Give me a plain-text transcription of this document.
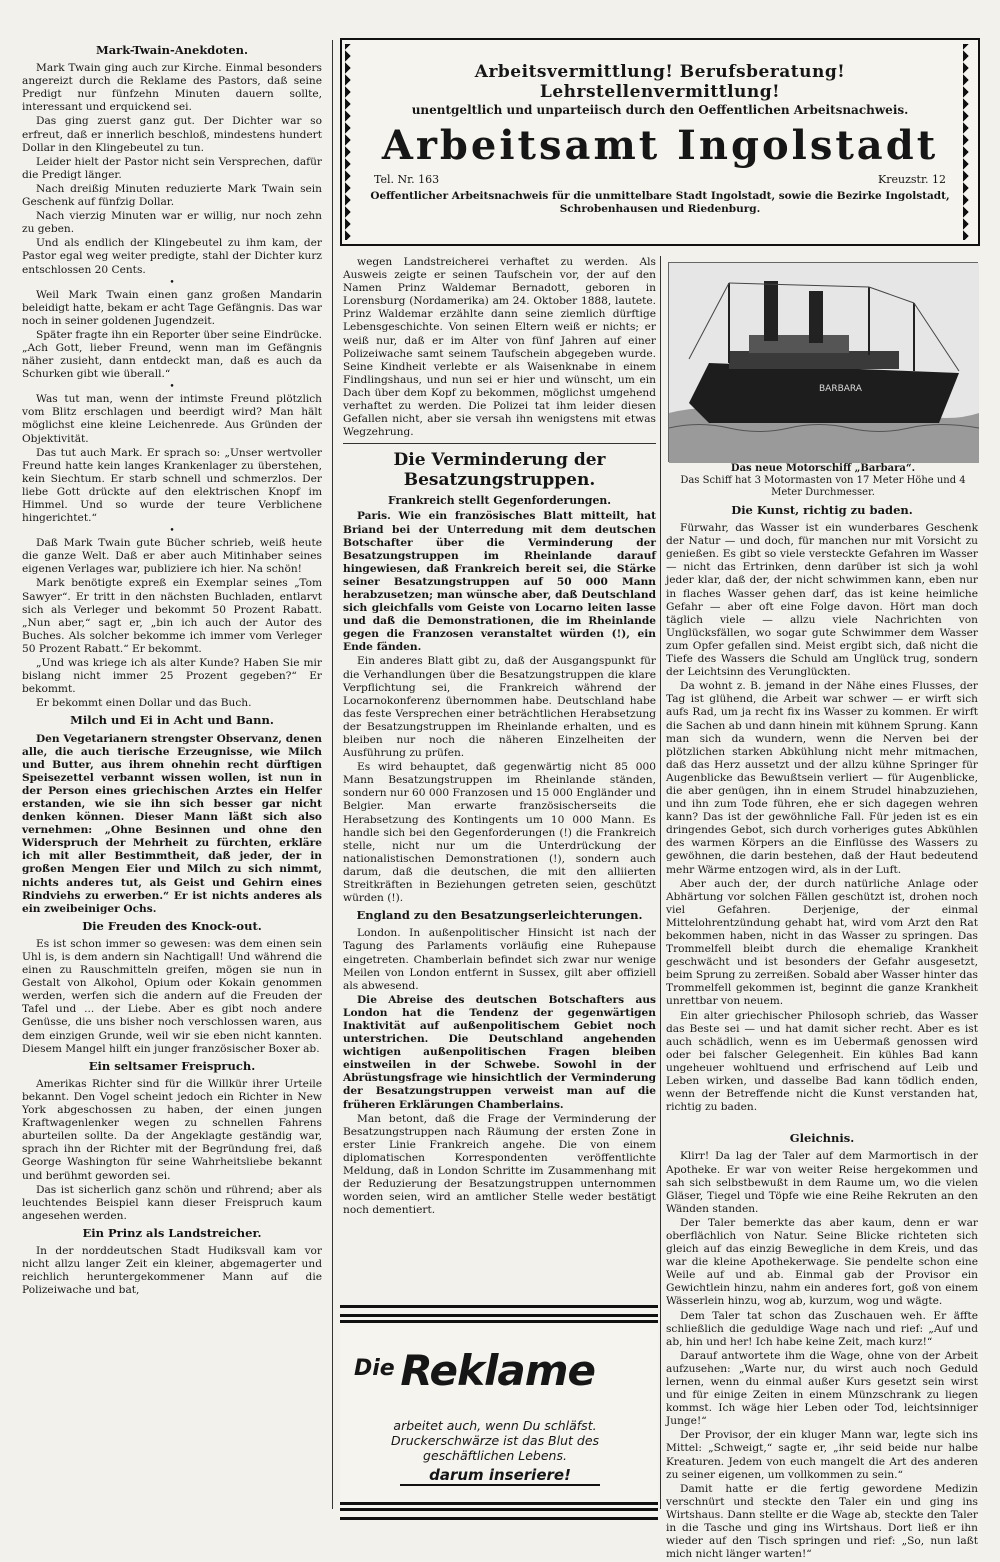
Mark-Twain-Anekdoten.

Mark Twain ging auch zur Kirche. Einmal besonders angereizt durch die Reklame des Pastors, daß seine Predigt nur fünfzehn Minuten dauern sollte, interessant und erquickend sei.

Das ging zuerst ganz gut. Der Dichter war so erfreut, daß er innerlich beschloß, mindestens hundert Dollar in den Klingebeutel zu tun.

Leider hielt der Pastor nicht sein Versprechen, dafür die Predigt länger.

Nach dreißig Minuten reduzierte Mark Twain sein Geschenk auf fünfzig Dollar.

Nach vierzig Minuten war er willig, nur noch zehn zu geben.

Und als endlich der Klingebeutel zu ihm kam, der Pastor egal weg weiter predigte, stahl der Dichter kurz entschlossen 20 Cents.

•

Weil Mark Twain einen ganz großen Mandarin beleidigt hatte, bekam er acht Tage Gefängnis. Das war noch in seiner goldenen Jugendzeit.

Später fragte ihn ein Reporter über seine Eindrücke. „Ach Gott, lieber Freund, wenn man im Gefängnis näher zusieht, dann entdeckt man, daß es auch da Schurken gibt wie überall.“

•

Was tut man, wenn der intimste Freund plötzlich vom Blitz erschlagen und beerdigt wird? Man hält möglichst eine kleine Leichenrede. Aus Gründen der Objektivität.

Das tut auch Mark. Er sprach so: „Unser wertvoller Freund hatte kein langes Krankenlager zu überstehen, kein Siechtum. Er starb schnell und schmerzlos. Der liebe Gott drückte auf den elektrischen Knopf im Himmel. Und so wurde der teure Verblichene hingerichtet.“

•

Daß Mark Twain gute Bücher schrieb, weiß heute die ganze Welt. Daß er aber auch Mitinhaber seines eigenen Verlages war, publiziere ich hier. Na schön!

Mark benötigte expreß ein Exemplar seines „Tom Sawyer“. Er tritt in den nächsten Buchladen, entlarvt sich als Verleger und bekommt 50 Prozent Rabatt. „Nun aber,“ sagt er, „bin ich auch der Autor des Buches. Als solcher bekomme ich immer vom Verleger 50 Prozent Rabatt.“ Er bekommt.

„Und was kriege ich als alter Kunde? Haben Sie mir bislang nicht immer 25 Prozent gegeben?“ Er bekommt.

Er bekommt einen Dollar und das Buch.

Milch und Ei in Acht und Bann.

Den Vegetarianern strengster Observanz, denen alle, die auch tierische Erzeugnisse, wie Milch und Butter, aus ihrem ohnehin recht dürftigen Speisezettel verbannt wissen wollen, ist nun in der Person eines griechischen Arztes ein Helfer erstanden, wie sie ihn sich besser gar nicht denken können. Dieser Mann läßt sich also vernehmen: „Ohne Besinnen und ohne den Widerspruch der Mehrheit zu fürchten, erkläre ich mit aller Bestimmtheit, daß jeder, der in großen Mengen Eier und Milch zu sich nimmt, nichts anderes tut, als Geist und Gehirn eines Rindviehs zu erwerben.“ Er ist nichts anderes als ein zweibeiniger Ochs.

Die Freuden des Knock-out.

Es ist schon immer so gewesen: was dem einen sein Uhl is, is dem andern sin Nachtigall! Und während die einen zu Rauschmitteln greifen, mögen sie nun in Gestalt von Alkohol, Opium oder Kokain genommen werden, werfen sich die andern auf die Freuden der Tafel und ... der Liebe. Aber es gibt noch andere Genüsse, die uns bisher noch verschlossen waren, aus dem einzigen Grunde, weil wir sie eben nicht kannten. Diesem Mangel hilft ein junger französischer Boxer ab.

Ein seltsamer Freispruch.

Amerikas Richter sind für die Willkür ihrer Urteile bekannt. Den Vogel scheint jedoch ein Richter in New York abgeschossen zu haben, der einen jungen Kraftwagenlenker wegen zu schnellen Fahrens aburteilen sollte. Da der Angeklagte geständig war, sprach ihn der Richter mit der Begründung frei, daß George Washington für seine Wahrheitsliebe bekannt und berühmt geworden sei.

Das ist sicherlich ganz schön und rührend; aber als leuchtendes Beispiel kann dieser Freispruch kaum angesehen werden.

Ein Prinz als Landstreicher.

In der norddeutschen Stadt Hudiksvall kam vor nicht allzu langer Zeit ein kleiner, abgemagerter und reichlich heruntergekommener Mann auf die Polizeiwache und bat,

Arbeitsvermittlung! Berufsberatung! Lehrstellenvermittlung!
unentgeltlich und unparteiisch durch den Oeffentlichen Arbeitsnachweis.
Arbeitsamt Ingolstadt
Tel. Nr. 163	Kreuzstr. 12
Oeffentlicher Arbeitsnachweis für die unmittelbare Stadt Ingolstadt, sowie die Bezirke Ingolstadt, Schrobenhausen und Riedenburg.

wegen Landstreicherei verhaftet zu werden. Als Ausweis zeigte er seinen Taufschein vor, der auf den Namen Prinz Waldemar Bernadott, geboren in Lorensburg (Nordamerika) am 24. Oktober 1888, lautete. Prinz Waldemar erzählte dann seine ziemlich dürftige Lebensgeschichte. Von seinen Eltern weiß er nichts; er weiß nur, daß er im Alter von fünf Jahren auf einer Polizeiwache samt seinem Taufschein abgegeben wurde. Seine Kindheit verlebte er als Waisenknabe in einem Findlingshaus, und nun sei er hier und wünscht, um ein Dach über dem Kopf zu bekommen, möglichst umgehend verhaftet zu werden. Die Polizei tat ihm leider diesen Gefallen nicht, aber sie versah ihn wenigstens mit etwas Wegzehrung.

Die Verminderung der Besatzungstruppen.
Frankreich stellt Gegenforderungen.

Paris. Wie ein französisches Blatt mitteilt, hat Briand bei der Unterredung mit dem deutschen Botschafter über die Verminderung der Besatzungstruppen im Rheinlande darauf hingewiesen, daß Frankreich bereit sei, die Stärke seiner Besatzungstruppen auf 50 000 Mann herabzusetzen; man wünsche aber, daß Deutschland sich gleichfalls vom Geiste von Locarno leiten lasse und daß die Demonstrationen, die im Rheinlande gegen die Franzosen veranstaltet würden (!), ein Ende fänden.

Ein anderes Blatt gibt zu, daß der Ausgangspunkt für die Verhandlungen über die Besatzungstruppen die klare Verpflichtung sei, die Frankreich während der Locarnokonferenz übernommen habe. Deutschland habe das feste Versprechen einer beträchtlichen Herabsetzung der Besatzungstruppen im Rheinlande erhalten, und es bleiben nur noch die näheren Einzelheiten der Ausführung zu prüfen.

Es wird behauptet, daß gegenwärtig nicht 85 000 Mann Besatzungstruppen im Rheinlande ständen, sondern nur 60 000 Franzosen und 15 000 Engländer und Belgier. Man erwarte französischerseits die Herabsetzung des Kontingents um 10 000 Mann. Es handle sich bei den Gegenforderungen (!) die Frankreich stelle, nicht nur um die Unterdrückung der nationalistischen Demonstrationen (!), sondern auch darum, daß die deutschen, die mit den alliierten Streitkräften in Beziehungen getreten seien, geschützt würden (!).

England zu den Besatzungserleichterungen.

London. In außenpolitischer Hinsicht ist nach der Tagung des Parlaments vorläufig eine Ruhepause eingetreten. Chamberlain befindet sich zwar nur wenige Meilen von London entfernt in Sussex, gilt aber offiziell als abwesend.

Die Abreise des deutschen Botschafters aus London hat die Tendenz der gegenwärtigen Inaktivität auf außenpolitischem Gebiet noch unterstrichen. Die Deutschland angehenden wichtigen außenpolitischen Fragen bleiben einstweilen in der Schwebe. Sowohl in der Abrüstungsfrage wie hinsichtlich der Verminderung der Besatzungstruppen verweist man auf die früheren Erklärungen Chamberlains.

Man betont, daß die Frage der Verminderung der Besatzungstruppen nach Räumung der ersten Zone in erster Linie Frankreich angehe. Die von einem diplomatischen Korrespondenten veröffentlichte Meldung, daß in London Schritte im Zusammenhang mit der Reduzierung der Besatzungstruppen unternommen worden seien, wird an amtlicher Stelle weder bestätigt noch dementiert.

BARBARA
Das neue Motorschiff „Barbara“.
Das Schiff hat 3 Motormasten von 17 Meter Höhe und 4 Meter Durchmesser.
Die Kunst, richtig zu baden.

Fürwahr, das Wasser ist ein wunderbares Geschenk der Natur — und doch, für manchen nur mit Vorsicht zu genießen. Es gibt so viele versteckte Gefahren im Wasser — nicht das Ertrinken, denn darüber ist sich ja wohl jeder klar, daß der, der nicht schwimmen kann, eben nur in flaches Wasser gehen darf, das ist keine heimliche Gefahr — aber oft eine Folge davon. Hört man doch täglich viele — allzu viele Nachrichten von Unglücksfällen, wo sogar gute Schwimmer dem Wasser zum Opfer gefallen sind. Meist ergibt sich, daß nicht die Tiefe des Wassers die Schuld am Unglück trug, sondern der Leichtsinn des Verunglückten.

Da wohnt z. B. jemand in der Nähe eines Flusses, der Tag ist glühend, die Arbeit war schwer — er wirft sich aufs Rad, um ja recht fix ins Wasser zu kommen. Er wirft die Sachen ab und dann hinein mit kühnem Sprung. Kann man sich da wundern, wenn die Nerven bei der plötzlichen starken Abkühlung nicht mehr mitmachen, daß das Herz aussetzt und der allzu kühne Springer für Augenblicke das Bewußtsein verliert — für Augenblicke, die aber genügen, ihn in einem Strudel hinabzuziehen, und ihn zum Tode führen, ehe er sich dagegen wehren kann? Das ist der gewöhnliche Fall. Für jeden ist es ein dringendes Gebot, sich durch vorheriges gutes Abkühlen des warmen Körpers an die Einflüsse des Wassers zu gewöhnen, die darin bestehen, daß der Haut bedeutend mehr Wärme entzogen wird, als in der Luft.

Aber auch der, der durch natürliche Anlage oder Abhärtung vor solchen Fällen geschützt ist, drohen noch viel Gefahren. Derjenige, der einmal Mittelohrentzündung gehabt hat, wird vom Arzt den Rat bekommen haben, nicht in das Wasser zu springen. Das Trommelfell bleibt durch die ehemalige Krankheit geschwächt und ist besonders der Gefahr ausgesetzt, beim Sprung zu zerreißen. Sobald aber Wasser hinter das Trommelfell gekommen ist, beginnt die ganze Krankheit unrettbar von neuem.

Ein alter griechischer Philosoph schrieb, das Wasser das Beste sei — und hat damit sicher recht. Aber es ist auch schädlich, wenn es im Uebermaß genossen wird oder bei falscher Gelegenheit. Ein kühles Bad kann ungeheuer wohltuend und erfrischend auf Leib und Leben wirken, und dasselbe Bad kann tödlich enden, wenn der Betreffende nicht die Kunst verstanden hat, richtig zu baden.

Gleichnis.

Klirr! Da lag der Taler auf dem Marmortisch in der Apotheke. Er war von weiter Reise hergekommen und sah sich selbstbewußt in dem Raume um, wo die vielen Gläser, Tiegel und Töpfe wie eine Reihe Rekruten an den Wänden standen.

Der Taler bemerkte das aber kaum, denn er war oberflächlich von Natur. Seine Blicke richteten sich gleich auf das einzig Bewegliche in dem Kreis, und das war die kleine Apothekerwage. Sie pendelte schon eine Weile auf und ab. Einmal gab der Provisor ein Gewichtlein hinzu, nahm ein anderes fort, goß von einem Wässerlein hinzu, wog ab, kurzum, wog und wägte.

Dem Taler tat schon das Zuschauen weh. Er äffte schließlich die geduldige Wage nach und rief: „Auf und ab, hin und her! Ich habe keine Zeit, mach kurz!“

Darauf antwortete ihm die Wage, ohne von der Arbeit aufzusehen: „Warte nur, du wirst auch noch Geduld lernen, wenn du einmal außer Kurs gesetzt sein wirst und für einige Zeiten in einem Münzschrank zu liegen kommst. Ich wäge hier Leben oder Tod, leichtsinniger Junge!“

Der Provisor, der ein kluger Mann war, legte sich ins Mittel: „Schweigt,“ sagte er, „ihr seid beide nur halbe Kreaturen. Jedem von euch mangelt die Art des anderen zu seiner eigenen, um vollkommen zu sein.“

Damit hatte er die fertig gewordene Medizin verschnürt und steckte den Taler ein und ging ins Wirtshaus. Dann stellte er die Wage ab, steckte den Taler in die Tasche und ging ins Wirtshaus. Dort ließ er ihn wieder auf den Tisch springen und rief: „So, nun laßt mich nicht länger warten!“

Die Reklame
arbeitet auch, wenn Du schläfst. Druckerschwärze ist das Blut des geschäftlichen Lebens.
darum inseriere!
